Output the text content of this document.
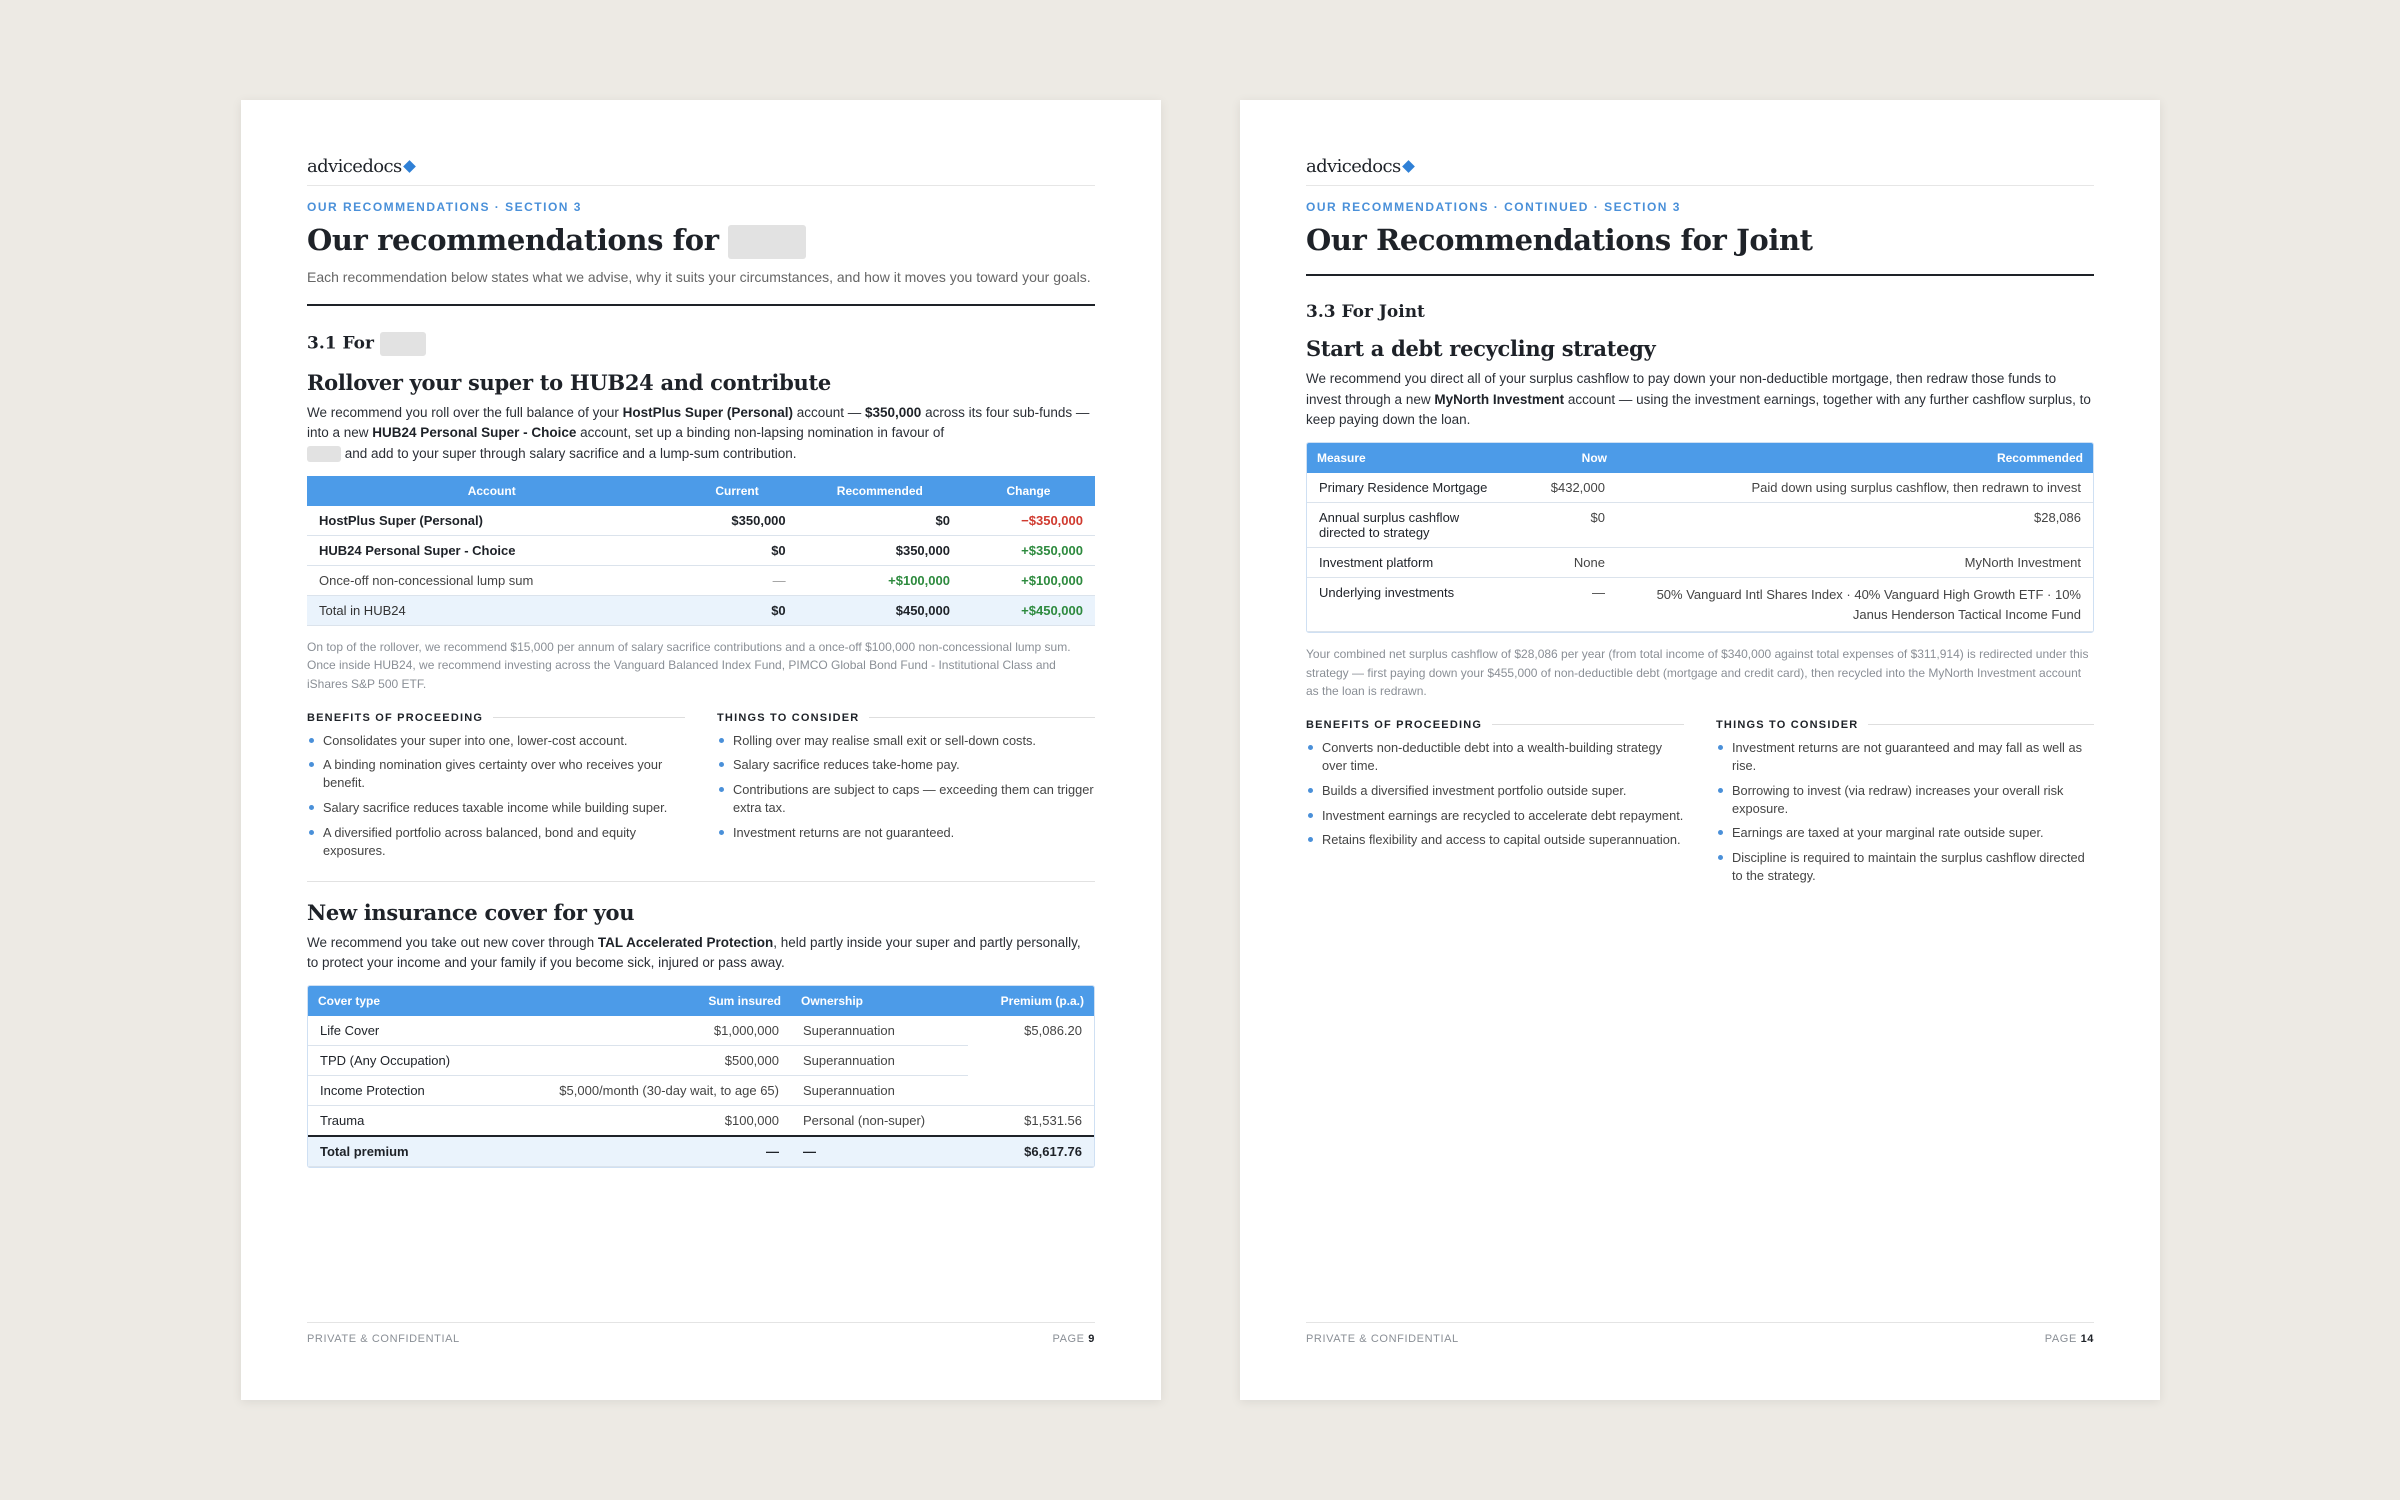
advicedocs
OUR RECOMMENDATIONS · SECTION 3
Our recommendations for
Each recommendation below states what we advise, why it suits your circumstances, and how it moves you toward your goals.
3.1 For
Rollover your super to HUB24 and contribute

We recommend you roll over the full balance of your HostPlus Super (Personal) account — $350,000 across its four sub-funds — into a new HUB24 Personal Super - Choice account, set up a binding non-lapsing nomination in favour of
and add to your super through salary sacrifice and a lump-sum contribution.

Account	Current	Recommended	Change
HostPlus Super (Personal)	$350,000	$0	−$350,000
HUB24 Personal Super - Choice	$0	$350,000	+$350,000
Once-off non-concessional lump sum	—	+$100,000	+$100,000
Total in HUB24	$0	$450,000	+$450,000
On top of the rollover, we recommend $15,000 per annum of salary sacrifice contributions and a once-off $100,000 non-concessional lump sum. Once inside HUB24, we recommend investing across the Vanguard Balanced Index Fund, PIMCO Global Bond Fund - Institutional Class and iShares S&P 500 ETF.
BENEFITS OF PROCEEDING
Consolidates your super into one, lower-cost account.
A binding nomination gives certainty over who receives your benefit.
Salary sacrifice reduces taxable income while building super.
A diversified portfolio across balanced, bond and equity exposures.
THINGS TO CONSIDER
Rolling over may realise small exit or sell-down costs.
Salary sacrifice reduces take-home pay.
Contributions are subject to caps — exceeding them can trigger extra tax.
Investment returns are not guaranteed.
New insurance cover for you

We recommend you take out new cover through TAL Accelerated Protection, held partly inside your super and partly personally, to protect your income and your family if you become sick, injured or pass away.

Cover type	Sum insured	Ownership	Premium (p.a.)
Life Cover	$1,000,000	Superannuation	$5,086.20
TPD (Any Occupation)	$500,000	Superannuation	
Income Protection	$5,000/month (30-day wait, to age 65)	Superannuation	
Trauma	$100,000	Personal (non-super)	$1,531.56
Total premium	—	—	$6,617.76
PRIVATE & CONFIDENTIAL	PAGE 9
advicedocs
OUR RECOMMENDATIONS · CONTINUED · SECTION 3
Our Recommendations for Joint
3.3 For Joint
Start a debt recycling strategy

We recommend you direct all of your surplus cashflow to pay down your non-deductible mortgage, then redraw those funds to invest through a new MyNorth Investment account — using the investment earnings, together with any further cashflow surplus, to keep paying down the loan.

Measure	Now	Recommended
Primary Residence Mortgage	$432,000	Paid down using surplus cashflow, then redrawn to invest
Annual surplus cashflow directed to strategy	$0	$28,086
Investment platform	None	MyNorth Investment
Underlying investments	—	50% Vanguard Intl Shares Index · 40% Vanguard High Growth ETF · 10% Janus Henderson Tactical Income Fund
Your combined net surplus cashflow of $28,086 per year (from total income of $340,000 against total expenses of $311,914) is redirected under this strategy — first paying down your $455,000 of non-deductible debt (mortgage and credit card), then recycled into the MyNorth Investment account as the loan is redrawn.
BENEFITS OF PROCEEDING
Converts non-deductible debt into a wealth-building strategy over time.
Builds a diversified investment portfolio outside super.
Investment earnings are recycled to accelerate debt repayment.
Retains flexibility and access to capital outside superannuation.
THINGS TO CONSIDER
Investment returns are not guaranteed and may fall as well as rise.
Borrowing to invest (via redraw) increases your overall risk exposure.
Earnings are taxed at your marginal rate outside super.
Discipline is required to maintain the surplus cashflow directed to the strategy.
PRIVATE & CONFIDENTIAL	PAGE 14
